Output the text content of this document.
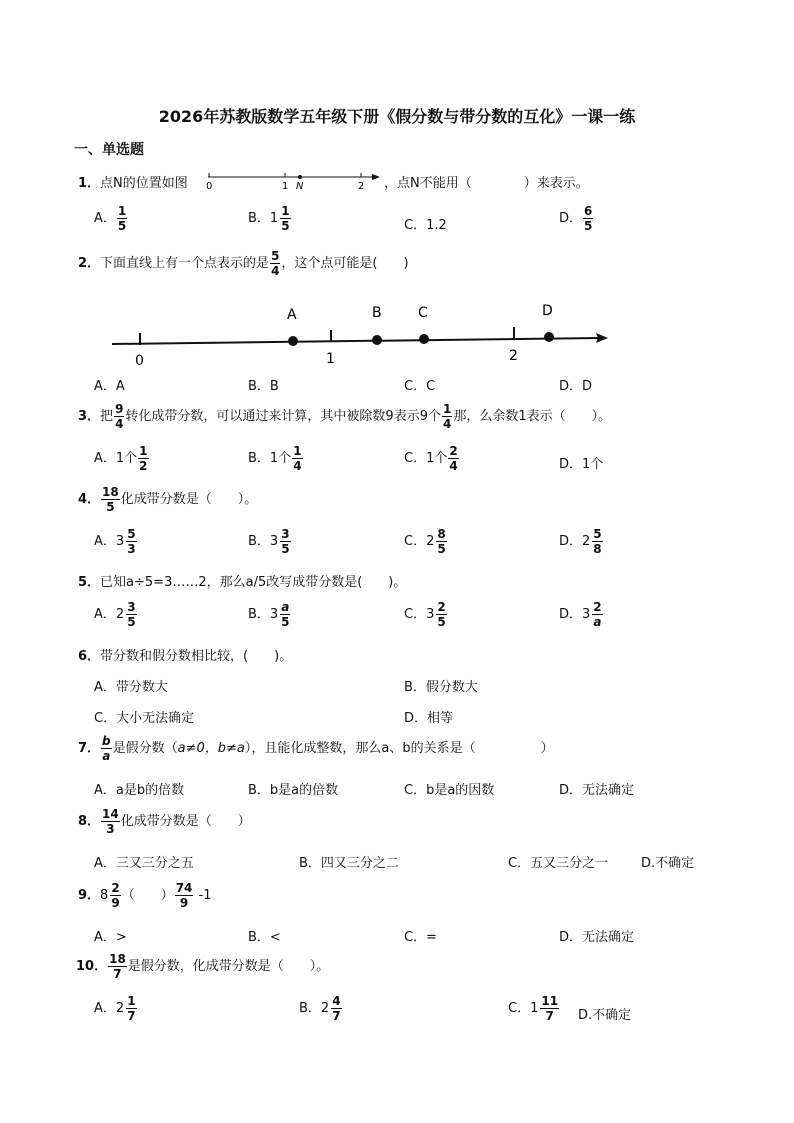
2026年苏教版数学五年级下册《假分数与带分数的互化》一课一练
一、单选题
1．点N的位置如图 0	1 N	2 ，点N不能用（　　　　）来表示。
A． $\frac{1}{5}$	B． $1 \frac{1}{5}$	C．1.2	D． $\frac{6}{5}$
2．下面直线上有一个点表示的是 $\frac{5}{4}$ ，这个点可能是(　　)
0	1	2
A	B	C	D
A．A	B．B	C．C	D．D
3．把 $\frac{9}{4}$ 转化成带分数，可以通过来计算，其中被除数9表示9个 $\frac{1}{4}$ 那，么余数1表示（　　）。
A．1个 $\frac{1}{2}$	B．1个 $\frac{1}{4}$	C．1个 $\frac{2}{4}$	D．1个
4． $\frac{18}{5}$ 化成带分数是（　　）。
A． $3 \frac{5}{3}$	B． $3 \frac{3}{5}$	C． $2 \frac{8}{5}$	D． $2 \frac{5}{8}$
5．已知a÷5=3……2，那么a/5改写成带分数是(　　)。
A． $2 \frac{3}{5}$	B． $3 \frac{a}{5}$	C． $3 \frac{2}{5}$	D． $3 \frac{2}{a}$
6．带分数和假分数相比较，(　　)。
A．带分数大	B．假分数大
C．大小无法确定	D．相等
7． $\frac{b}{a}$ 是假分数（a≠0，b≠a），且能化成整数，那么a、b的关系是（　　　　　）
A．a是b的倍数	B．b是a的倍数	C．b是a的因数	D．无法确定
8． $\frac{14}{3}$ 化成带分数是（　　）
A．三又三分之五	B．四又三分之二	C．五又三分之一	D.不确定
9． $8 \frac{2}{9}$ （　　） $\frac{74}{9} -1$
A．>	B．<	C．=	D．无法确定
10． $\frac{18}{7}$ 是假分数，化成带分数是（　　）。
A． $2 \frac{1}{7}$	B． $2 \frac{4}{7}$	C． $1 \frac{11}{7} D$.不确定
